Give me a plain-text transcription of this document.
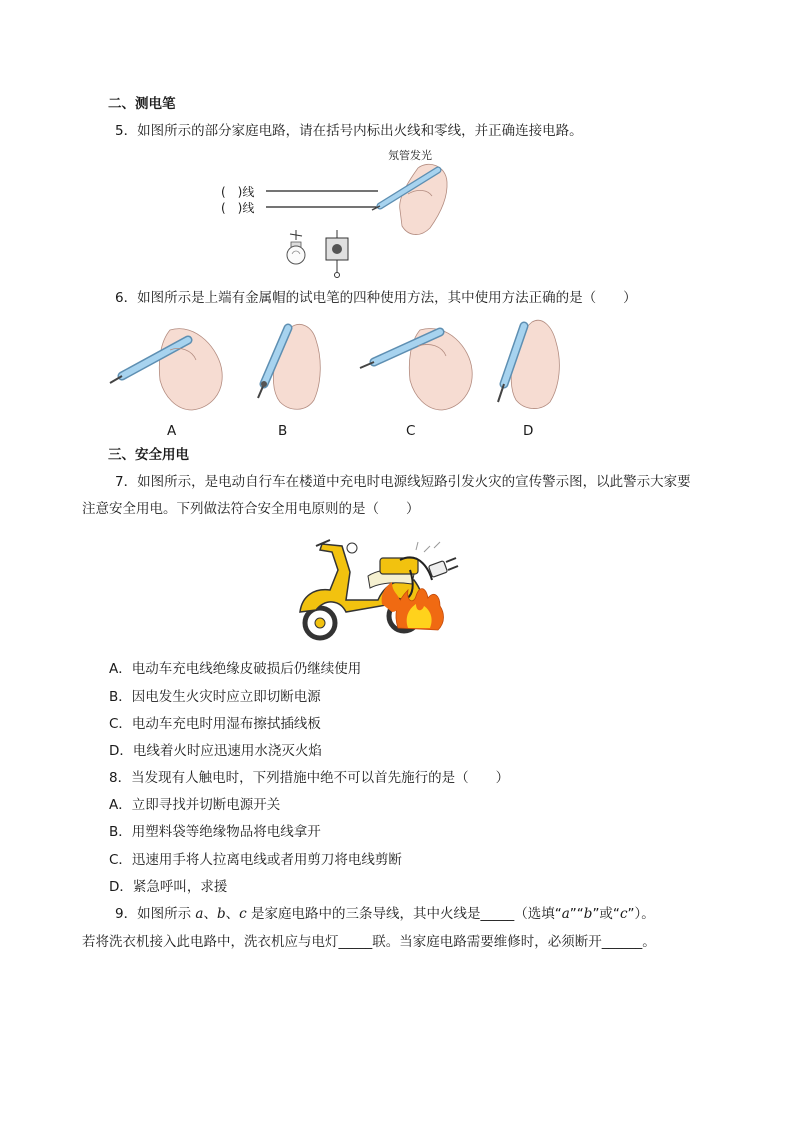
二、测电笔
5．如图所示的部分家庭电路，请在括号内标出火线和零线，并正确连接电路。
氖管发光
(　)线
(　)线
6．如图所示是上端有金属帽的试电笔的四种使用方法，其中使用方法正确的是（　　）
A	B	C	D
三、安全用电
7．如图所示，是电动自行车在楼道中充电时电源线短路引发火灾的宣传警示图，以此警示大家要
注意安全用电。下列做法符合安全用电原则的是（　　）
A．电动车充电线绝缘皮破损后仍继续使用
B．因电发生火灾时应立即切断电源
C．电动车充电时用湿布擦拭插线板
D．电线着火时应迅速用水浇灭火焰
8．当发现有人触电时，下列措施中绝不可以首先施行的是（　　）
A．立即寻找并切断电源开关
B．用塑料袋等绝缘物品将电线拿开
C．迅速用手将人拉离电线或者用剪刀将电线剪断
D．紧急呼叫，求援
9．如图所示 a、b、c 是家庭电路中的三条导线，其中火线是_____（选填“a”“b”或“c”）。
若将洗衣机接入此电路中，洗衣机应与电灯_____联。当家庭电路需要维修时，必须断开______。
